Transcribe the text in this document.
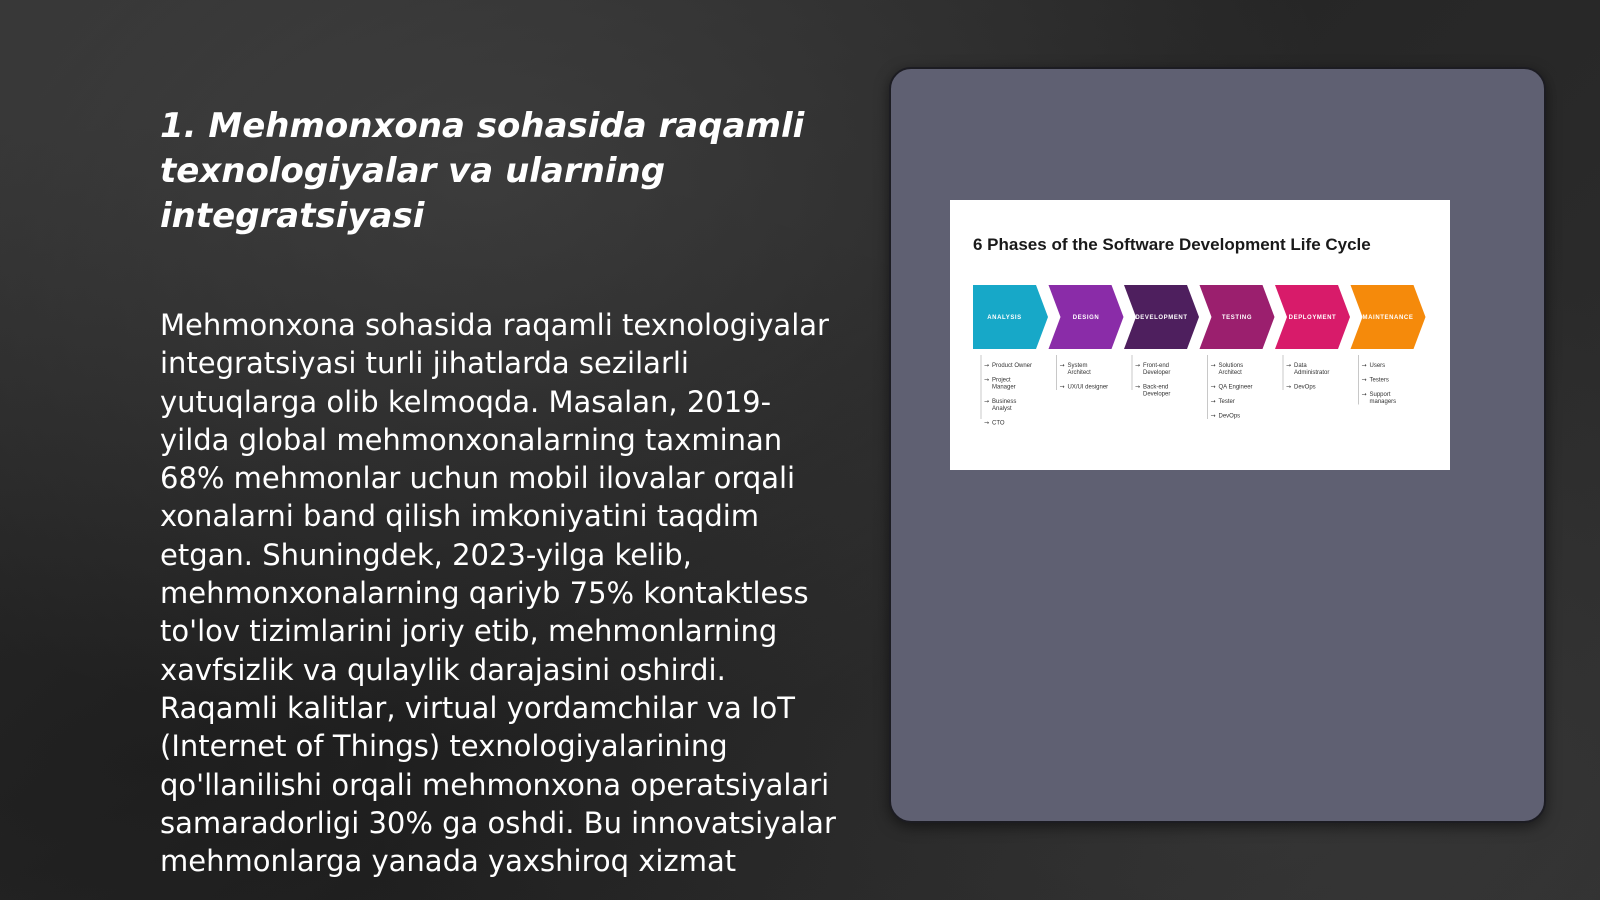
1. Mehmonxona sohasida raqamli texnologiyalar va ularning integratsiyasi

Mehmonxona sohasida raqamli texnologiyalar integratsiyasi turli jihatlarda sezilarli yutuqlarga olib kelmoqda. Masalan, 2019-yilda global mehmonxonalarning taxminan 68% mehmonlar uchun mobil ilovalar orqali xonalarni band qilish imkoniyatini taqdim etgan. Shuningdek, 2023-yilga kelib, mehmonxonalarning qariyb 75% kontaktless to'lov tizimlarini joriy etib, mehmonlarning xavfsizlik va qulaylik darajasini oshirdi. Raqamli kalitlar, virtual yordamchilar va IoT (Internet of Things) texnologiyalarining qo'llanilishi orqali mehmonxona operatsiyalari samaradorligi 30% ga oshdi. Bu innovatsiyalar mehmonlarga yanada yaxshiroq xizmat

6 Phases of the Software Development Life Cycle
ANALYSIS
→ Product Owner
→ Project Manager
→ Business Analyst
→ CTO
DESIGN
→ System Architect
→ UX/UI designer
DEVELOPMENT
→ Front-end Developer
→ Back-end Developer
TESTING
→ Solutions Architect
→ QA Engineer
→ Tester
→ DevOps
DEPLOYMENT
→ Data Administrator
→ DevOps
MAINTENANCE
→ Users
→ Testers
→ Support managers
